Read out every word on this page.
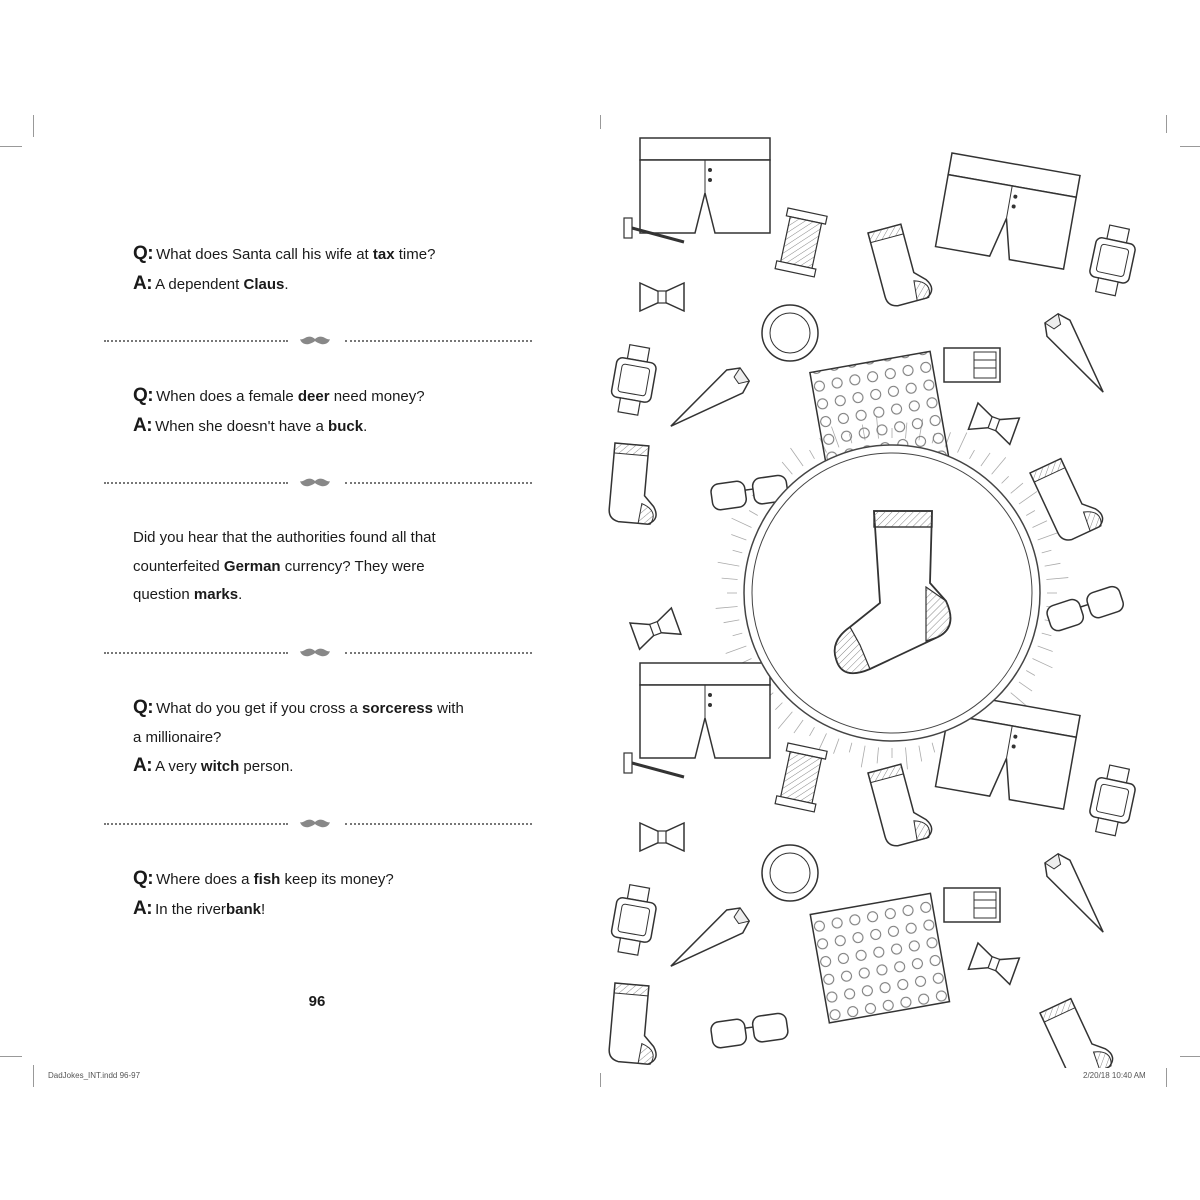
Q: What does Santa call his wife at tax time?
A: A dependent Claus.
Q: When does a female deer need money?
A: When she doesn't have a buck.
Did you hear that the authorities found all that
counterfeited German currency? They were
question marks.
Q: What do you get if you cross a sorceress with
a millionaire?
A: A very witch person.
Q: Where does a fish keep its money?
A: In the riverbank!
96
DadJokes_INT.indd 96-97	2/20/18 10:40 AM
